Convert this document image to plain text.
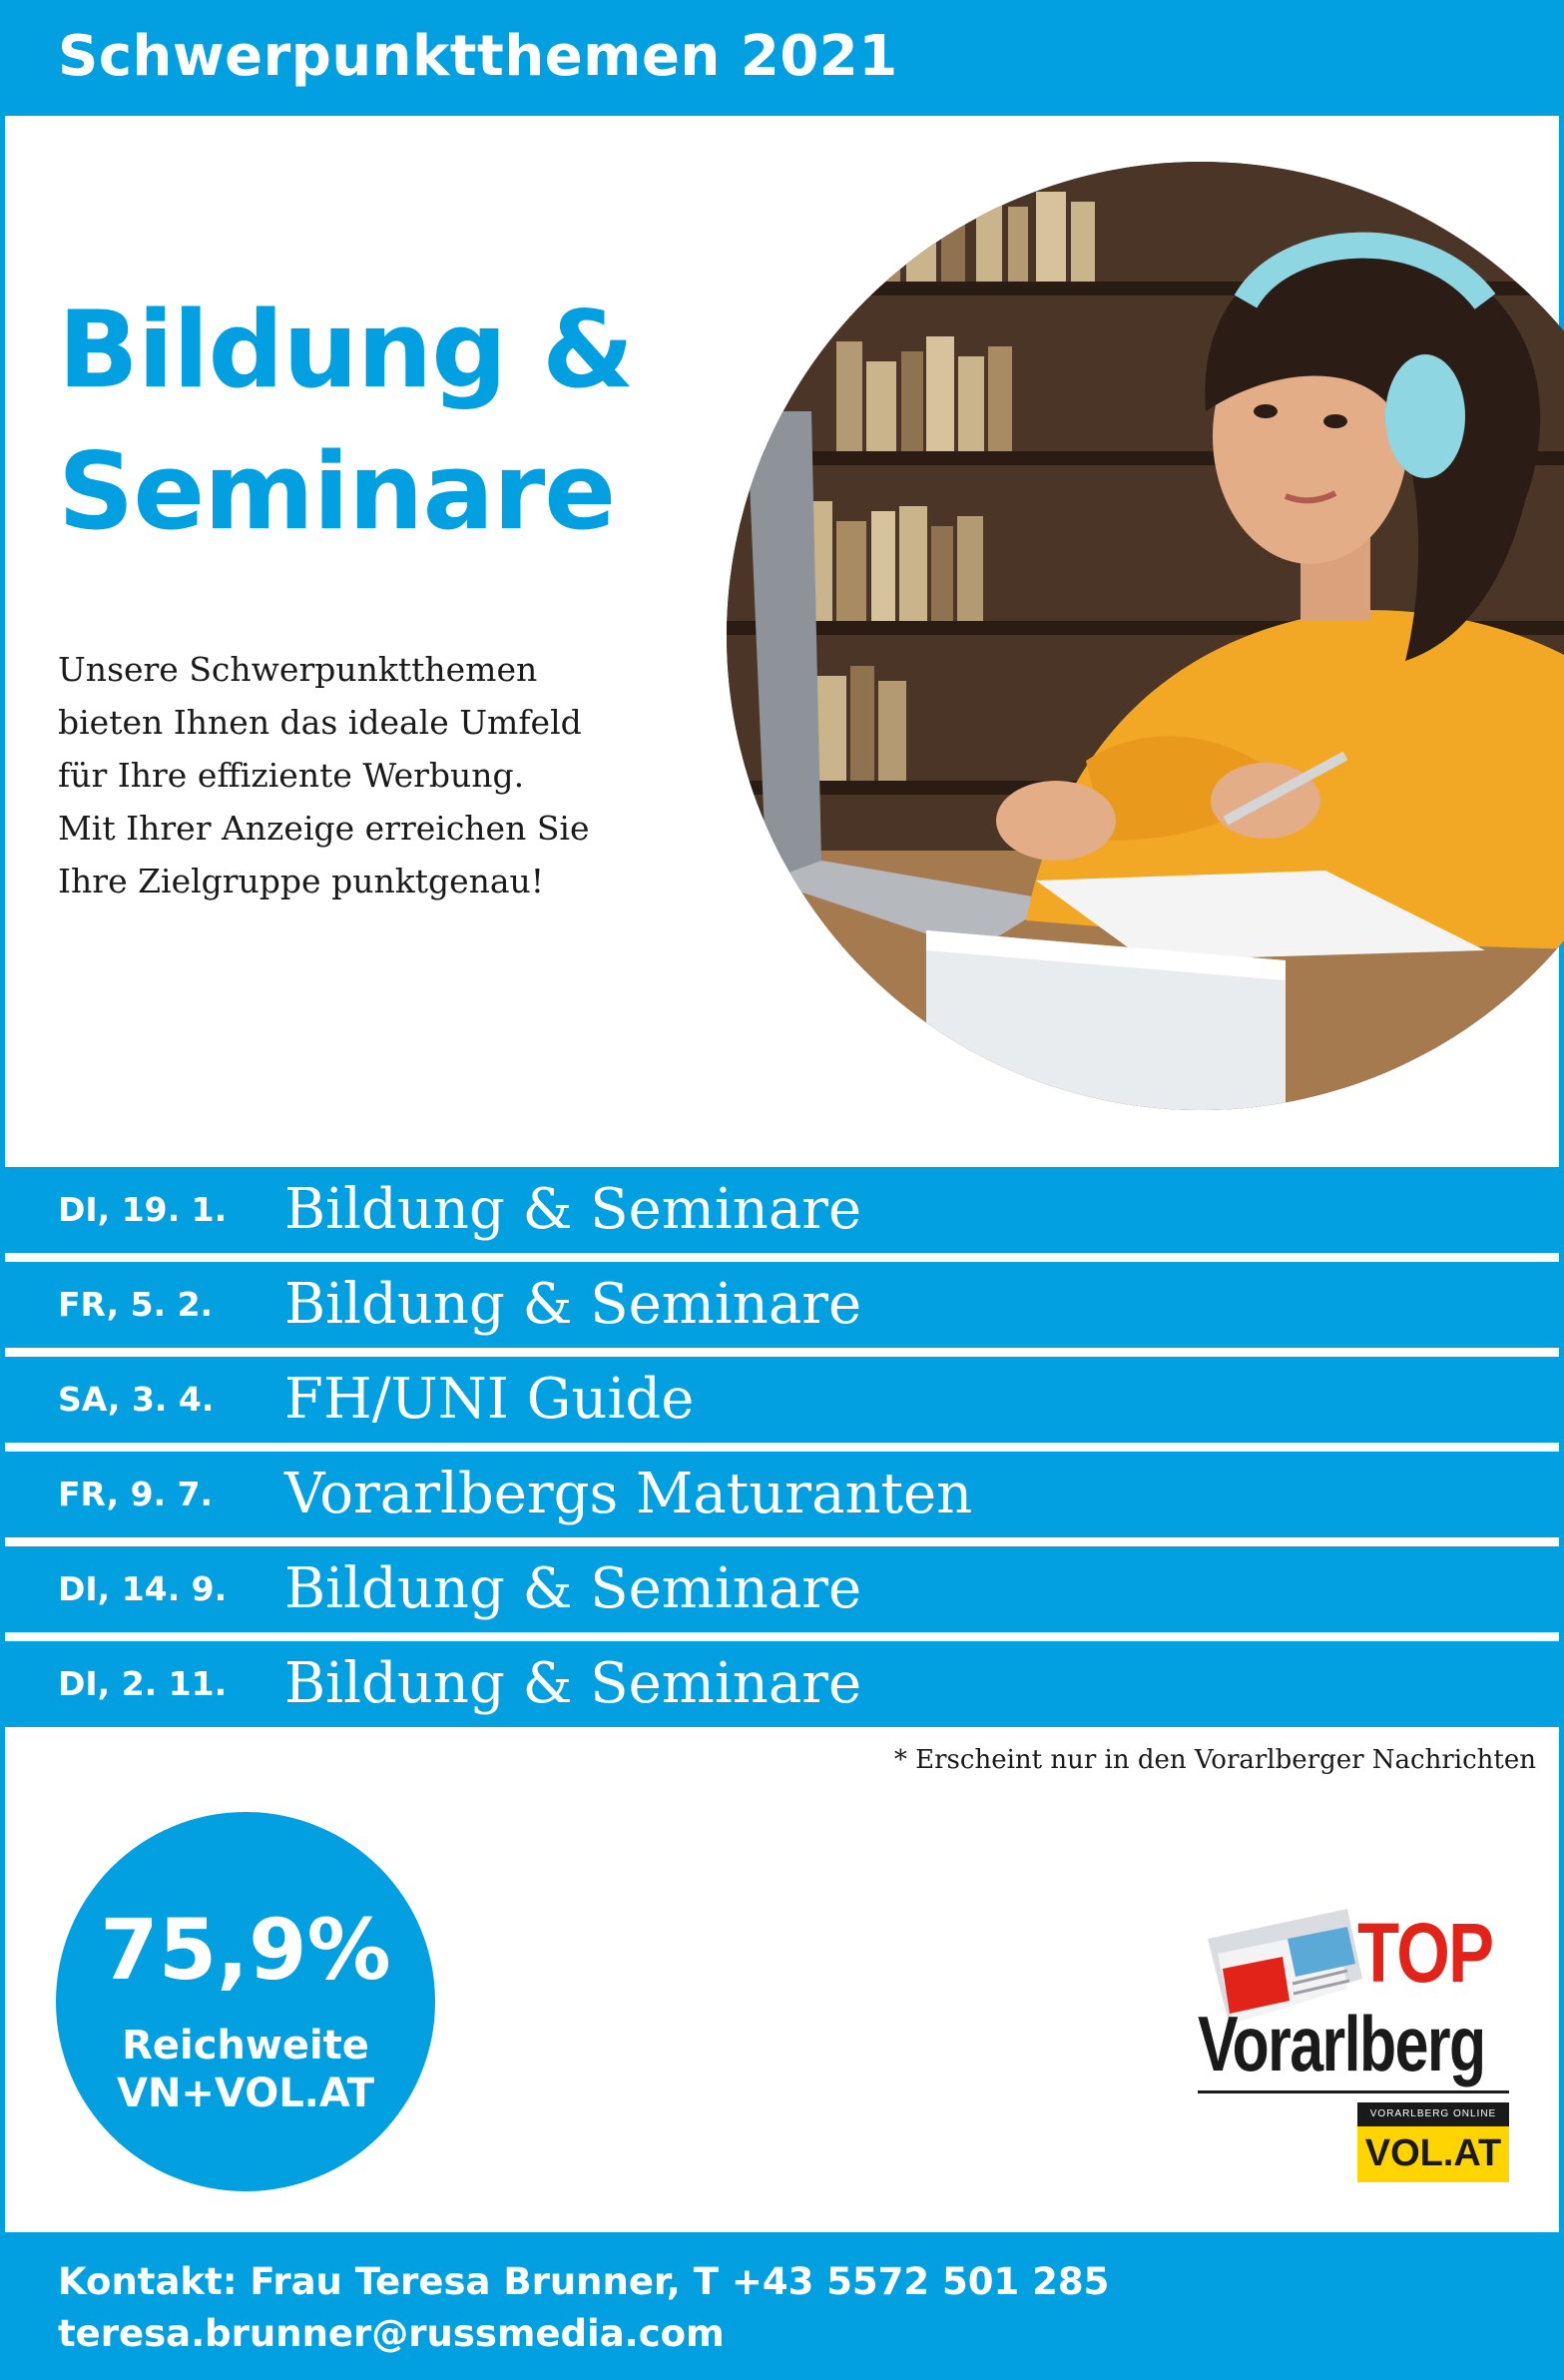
Schwerpunktthemen 2021
Bildung &
Seminare
Unsere Schwerpunktthemen
bieten Ihnen das ideale Umfeld
für Ihre effiziente Werbung.
Mit Ihrer Anzeige erreichen Sie
Ihre Zielgruppe punktgenau!
DI, 19. 1. Bildung & Seminare
FR, 5. 2. Bildung & Seminare
SA, 3. 4. FH/UNI Guide
FR, 9. 7. Vorarlbergs Maturanten
DI, 14. 9. Bildung & Seminare
DI, 2. 11. Bildung & Seminare
* Erscheint nur in den Vorarlberger Nachrichten
75,9%
Reichweite
VN+VOL.AT
TOP
Vorarlberg
VORARLBERG ONLINE
VOL.AT
Kontakt: Frau Teresa Brunner, T +43 5572 501 285
teresa.brunner@russmedia.com
